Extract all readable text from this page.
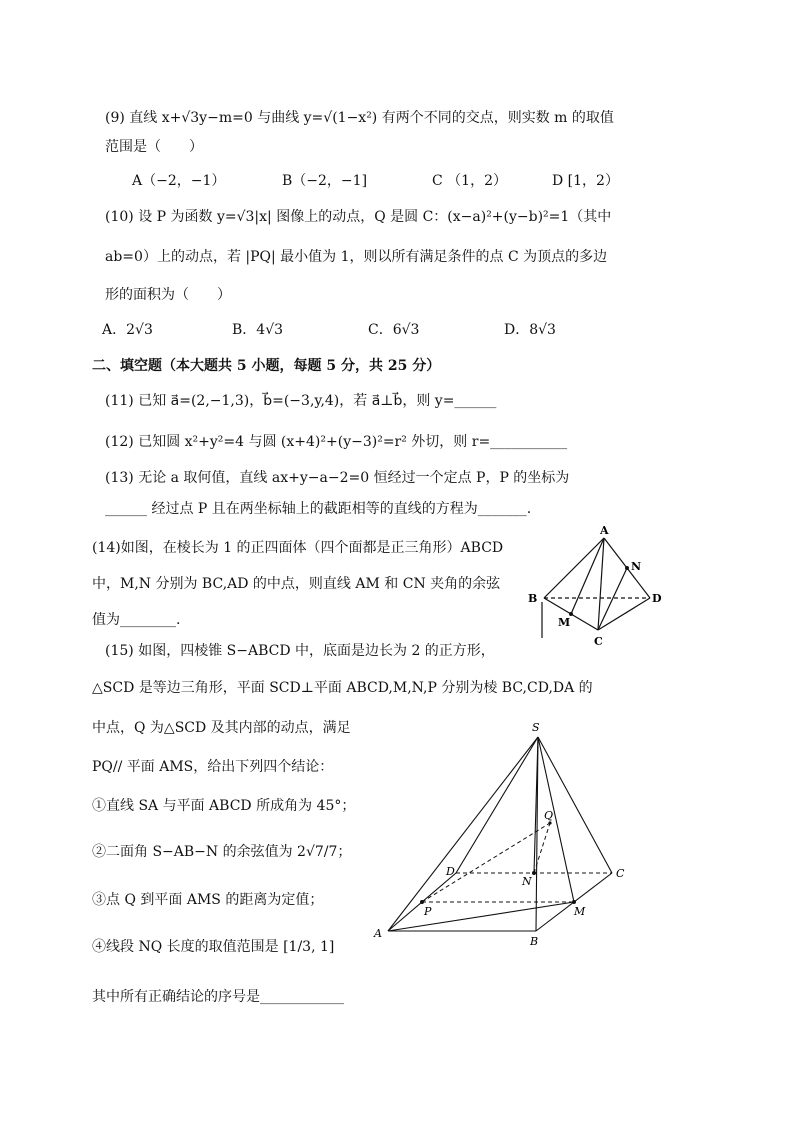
(9) 直线 x+√3y−m=0 与曲线 y=√(1−x²) 有两个不同的交点，则实数 m 的取值
范围是（　　）
A（−2，−1）	B（−2，−1]	C （1，2）	D [1，2）
(10) 设 P 为函数 y=√3|x| 图像上的动点，Q 是圆 C：(x−a)²+(y−b)²=1（其中
ab=0）上的动点，若 |PQ| 最小值为 1，则以所有满足条件的点 C 为顶点的多边
形的面积为（　　）
A．2√3	B．4√3	C．6√3	D．8√3
二、填空题（本大题共 5 小题，每题 5 分，共 25 分）
(11) 已知 a⃗=(2,−1,3)，b⃗=(−3,y,4)，若 a⃗⊥b⃗，则 y=______
(12) 已知圆 x²+y²=4 与圆 (x+4)²+(y−3)²=r² 外切，则 r=___________
(13) 无论 a 取何值，直线 ax+y−a−2=0 恒经过一个定点 P，P 的坐标为
______ 经过点 P 且在两坐标轴上的截距相等的直线的方程为_______.
(14)如图，在棱长为 1 的正四面体（四个面都是正三角形）ABCD
中，M,N 分别为 BC,AD 的中点，则直线 AM 和 CN 夹角的余弦
值为________.
A
B
C
D
M
N
(15) 如图，四棱锥 S−ABCD 中，底面是边长为 2 的正方形，
△SCD 是等边三角形，平面 SCD⊥平面 ABCD,M,N,P 分别为棱 BC,CD,DA 的
中点，Q 为△SCD 及其内部的动点，满足
PQ// 平面 AMS，给出下列四个结论：
①直线 SA 与平面 ABCD 所成角为 45°；
②二面角 S−AB−N 的余弦值为 2√7/7；
③点 Q 到平面 AMS 的距离为定值；
④线段 NQ 长度的取值范围是 [1/3, 1]
其中所有正确结论的序号是____________
S
Q
D
N
C
P	M
A
B
